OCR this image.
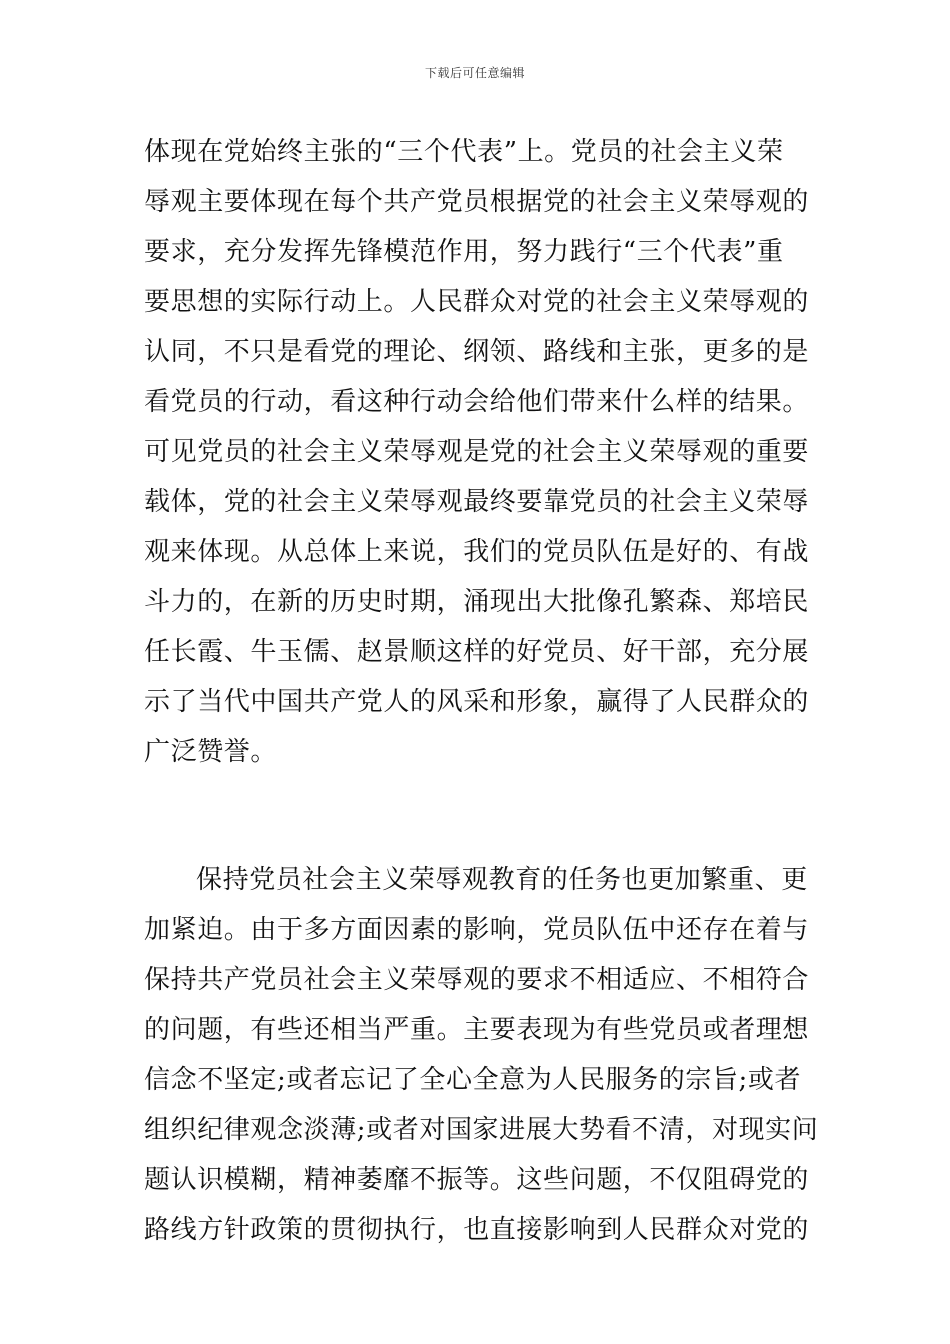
下载后可任意编辑
体现在党始终主张的“三个代表”上。党员的社会主义荣
辱观主要体现在每个共产党员根据党的社会主义荣辱观的
要求，充分发挥先锋模范作用，努力践行“三个代表”重
要思想的实际行动上。人民群众对党的社会主义荣辱观的
认同，不只是看党的理论、纲领、路线和主张，更多的是
看党员的行动，看这种行动会给他们带来什么样的结果。
可见党员的社会主义荣辱观是党的社会主义荣辱观的重要
载体，党的社会主义荣辱观最终要靠党员的社会主义荣辱
观来体现。从总体上来说，我们的党员队伍是好的、有战
斗力的，在新的历史时期，涌现出大批像孔繁森、郑培民
任长霞、牛玉儒、赵景顺这样的好党员、好干部，充分展
示了当代中国共产党人的风采和形象，赢得了人民群众的
广泛赞誉。
保持党员社会主义荣辱观教育的任务也更加繁重、更
加紧迫。由于多方面因素的影响，党员队伍中还存在着与
保持共产党员社会主义荣辱观的要求不相适应、不相符合
的问题，有些还相当严重。主要表现为有些党员或者理想
信念不坚定;或者忘记了全心全意为人民服务的宗旨;或者
组织纪律观念淡薄;或者对国家进展大势看不清，对现实问
题认识模糊，精神萎靡不振等。这些问题，不仅阻碍党的
路线方针政策的贯彻执行，也直接影响到人民群众对党的
